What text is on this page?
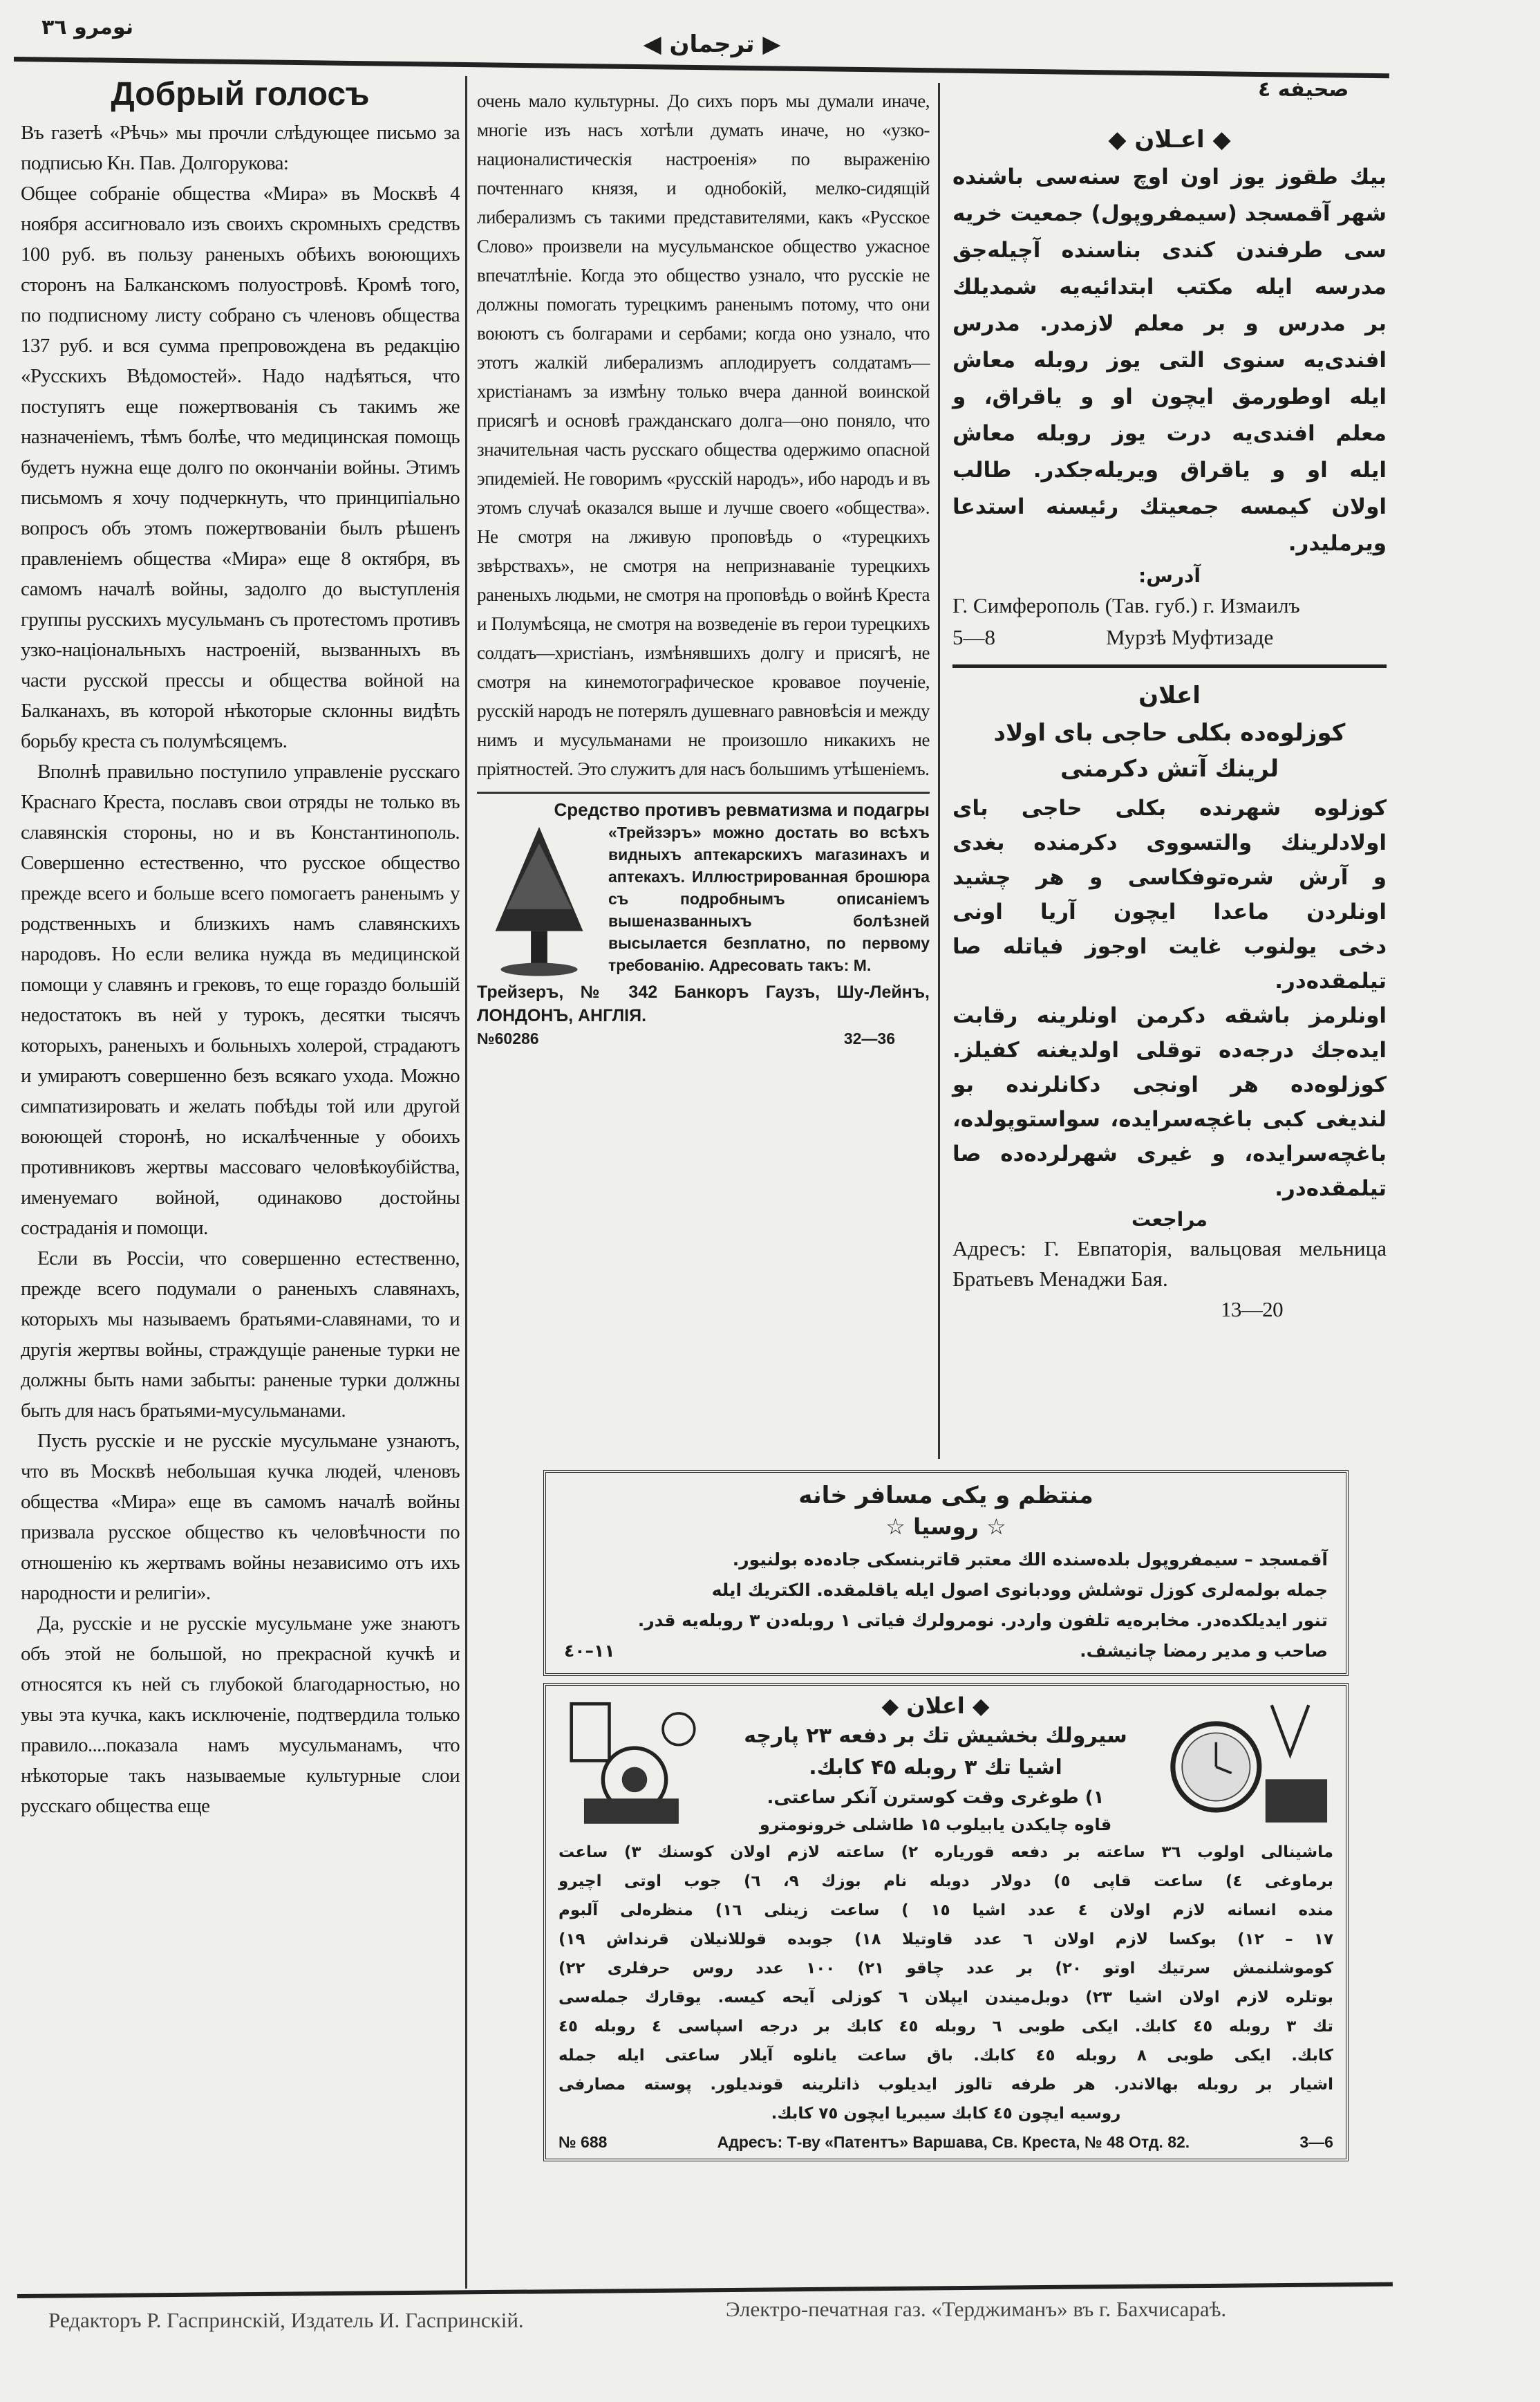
نومرو ۳٦
◀ ترجمان ▶
صحيفه ٤
Добрый голосъ

Въ газетѣ «Рѣчь» мы прочли слѣдующее письмо за подписью Кн. Пав. Долгорукова:

Общее собраніе общества «Мира» въ Москвѣ 4 ноября ассигновало изъ своихъ скромныхъ средствъ 100 руб. въ пользу раненыхъ обѣихъ воюющихъ сторонъ на Балканскомъ полуостровѣ. Кромѣ того, по подписному листу собрано съ членовъ общества 137 руб. и вся сумма препровождена въ редакцію «Русскихъ Вѣдомостей». Надо надѣяться, что поступятъ еще пожертвованія съ такимъ же назначеніемъ, тѣмъ болѣе, что медицинская помощь будетъ нужна еще долго по окончаніи войны. Этимъ письмомъ я хочу подчеркнуть, что принципіально вопросъ объ этомъ пожертвованіи былъ рѣшенъ правленіемъ общества «Мира» еще 8 октября, въ самомъ началѣ войны, задолго до выступленія группы русскихъ мусульманъ съ протестомъ противъ узко-національныхъ настроеній, вызванныхъ въ части русской прессы и общества войной на Балканахъ, въ которой нѣкоторые склонны видѣть борьбу креста съ полумѣсяцемъ.

Вполнѣ правильно поступило управленіе русскаго Краснаго Креста, пославъ свои отряды не только въ славянскія стороны, но и въ Константинополь. Совершенно естественно, что русское общество прежде всего и больше всего помогаетъ раненымъ у родственныхъ и близкихъ намъ славянскихъ народовъ. Но если велика нужда въ медицинской помощи у славянъ и грековъ, то еще гораздо большій недостатокъ въ ней у турокъ, десятки тысячъ которыхъ, раненыхъ и больныхъ холерой, страдаютъ и умираютъ совершенно безъ всякаго ухода. Можно симпатизировать и желать побѣды той или другой воюющей сторонѣ, но искалѣченные у обоихъ противниковъ жертвы массоваго человѣкоубійства, именуемаго войной, одинаково достойны состраданія и помощи.

Если въ Россіи, что совершенно естественно, прежде всего подумали о раненыхъ славянахъ, которыхъ мы называемъ братьями-славянами, то и другія жертвы войны, страждущіе раненые турки не должны быть нами забыты: раненые турки должны быть для насъ братьями-мусульманами.

Пусть русскіе и не русскіе мусульмане узнаютъ, что въ Москвѣ небольшая кучка людей, членовъ общества «Мира» еще въ самомъ началѣ войны призвала русское общество къ человѣчности по отношенію къ жертвамъ войны независимо отъ ихъ народности и религіи».

Да, русскіе и не русскіе мусульмане уже знаютъ объ этой не большой, но прекрасной кучкѣ и относятся къ ней съ глубокой благодарностью, но увы эта кучка, какъ исключеніе, подтвердила только правило....показала намъ мусульманамъ, что нѣкоторые такъ называемые культурные слои русскаго общества еще

очень мало культурны. До сихъ поръ мы думали иначе, многіе изъ насъ хотѣли думать иначе, но «узко-националистическія настроенія» по выраженію почтеннаго князя, и однобокій, мелко-сидящій либерализмъ съ такими представителями, какъ «Русское Слово» произвели на мусульманское общество ужасное впечатлѣніе. Когда это общество узнало, что русскіе не должны помогать турецкимъ раненымъ потому, что они воюютъ съ болгарами и сербами; когда оно узнало, что этотъ жалкій либерализмъ аплодируетъ солдатамъ—христіанамъ за измѣну только вчера данной воинской присягѣ и основѣ гражданскаго долга—оно поняло, что значительная часть русскаго общества одержимо опасной эпидеміей. Не говоримъ «русскій народъ», ибо народъ и въ этомъ случаѣ оказался выше и лучше своего «общества». Не смотря на лживую проповѣдь о «турецкихъ звѣрствахъ», не смотря на непризнаваніе турецкихъ раненыхъ людьми, не смотря на проповѣдь о войнѣ Креста и Полумѣсяца, не смотря на возведеніе въ герои турецкихъ солдатъ—христіанъ, измѣнявшихъ долгу и присягѣ, не смотря на кинемотографическое кровавое поученіе, русскій народъ не потерялъ душевнаго равновѣсія и между нимъ и мусульманами не произошло никакихъ не пріятностей. Это служитъ для насъ большимъ утѣшеніемъ.
Средство противъ ревматизма и подагры
«Трейзэръ» можно достать во всѣхъ видныхъ аптекарскихъ магазинахъ и аптекахъ. Иллюстрированная брошюра съ подробнымъ описаніемъ вышеназванныхъ болѣзней высылается безплатно, по первому требованію. Адресовать такъ: М.
Трейзеръ, № 342 Банкоръ Гаузъ, Шу-Лейнъ, ЛОНДОНЪ, АНГЛІЯ.
№60286	32—36
◆ اعـلان ◆
بيك طقوز يوز اون اوچ سنه‌سی باشنده
شهر آقمسجد (سيمفروپول) جمعيت خريه
سی طرفندن كندی بناسنده آچيله‌جق
مدرسه ايله مكتب ابتدائيه‌يه شمديلك
بر مدرس و بر معلم لازمدر. مدرس
افندی‌يه سنوی التی يوز روبله معاش
ايله اوطورمق ايچون او و ياقراق، و
معلم افندی‌يه درت يوز روبله معاش
ايله او و ياقراق ويريله‌جكدر. طالب
اولان كيمسه جمعيتك رئيسنه استدعا
ويرملیدر.
آدرس:
Г. Симферополь (Тав. губ.) г. Измаилъ
5—8	Мурзѣ Муфтизаде
اعلان
كوزلوه‌ده بكلی حاجی بای اولاد
لرينك آتش دكرمنی
كوزلوه شهرنده بكلی حاجی بای
اولادلرينك والتسووی دكرمنده بغدی
و آرش شره‌توفكاسی و هر چشيد
اونلردن ماعدا ايچون آريا اونی
دخی يولنوب غايت اوجوز فياتله صا
تيلمقده‌در.
اونلرمز باشقه دكرمن اونلرينه رقابت
ايده‌جك درجه‌ده توقلی اولديغنه كفيلز.
كوزلوه‌ده هر اونجی دكانلرنده بو
لنديغی كبی باغچه‌سرايده، سواستوپولده،
باغچه‌سرايده، و غيری شهرلرده‌ده صا
تيلمقده‌در.
مراجعت
Адресъ: Г. Евпаторія, вальцовая мельница Братьевъ Менаджи Бая.
13—20
منتظم و يكی مسافر خانه
☆ روسيا ☆
آقمسجد – سيمفروپول بلده‌سنده الك معتبر قاتربنسكی جاده‌ده بولنيور.
جمله بولمه‌لری كوزل توشلش وودبانوی اصول ايله ياقلمقده. الكتريك ايله
تنور ايديلكده‌در. مخابره‌يه تلفون واردر. نومرولرك فياتی ۱ روبله‌دن ۳ روبله‌يه قدر.
صاحب و مدير رمضا چانيشف.
۱۱–٤٠
◆ اعلان ◆
سيرولك بخشيش تك بر دفعه ۲۳ پارچه
اشيا تك ۳ روبله ۴۵ كابك.
۱) طوغری وقت كوسترن آنكر ساعتی.
قاوه چايكدن يابيلوب ۱۵ طاشلی خرونومترو
ماشينالی اولوب ۳٦ ساعته بر دفعه قورياره ۲) ساعته لازم اولان كوسنك ۳) ساعت
برماوغی ٤) ساعت قاپی ٥) دولار دوبله نام بوزك ٩، ٦) جوب اوتی اچيرو
منده انسانه لازم اولان ٤ عدد اشيا ١٥ ) ساعت زينلی ١٦) منظره‌لی آلبوم
١٧ – ١٢) بوكسا لازم اولان ٦ عدد قاوتيلا ١٨) جوبده قوللانيلان قرنداش ١٩)
كوموشلنمش سرتيك اوتو ٢٠) بر عدد چاقو ٢١) ١٠٠ عدد روس حرفلری ٢٢)
بوتلره لازم اولان اشيا ٢٣) دوبل‌ميندن ايپلان ٦ كوزلی آيحه كيسه. يوقارك جمله‌سی
تك ۳ روبله ٤٥ كابك. ايكی طوبی ٦ روبله ٤٥ كابك بر درجه اسپاسی ٤ روبله ٤٥
كابك. ايكی طوبی ٨ روبله ٤٥ كابك. باق ساعت يانلوه آيلار ساعتی ايله جمله
اشيار بر روبله بهالاندر. هر طرفه تالوز ايديلوب ذاتلرينه قونديلور. پوسته مصارفی
روسيه ايچون ٤٥ كابك سيبريا ايچون ٧٥ كابك.
№ 688	Адресъ: Т-ву «Патентъ» Варшава, Св. Креста, № 48 Отд. 82.	3—6
Редакторъ Р. Гаспринскій, Издатель И. Гаспринскій.	Электро-печатная газ. «Терджиманъ» въ г. Бахчисараѣ.
